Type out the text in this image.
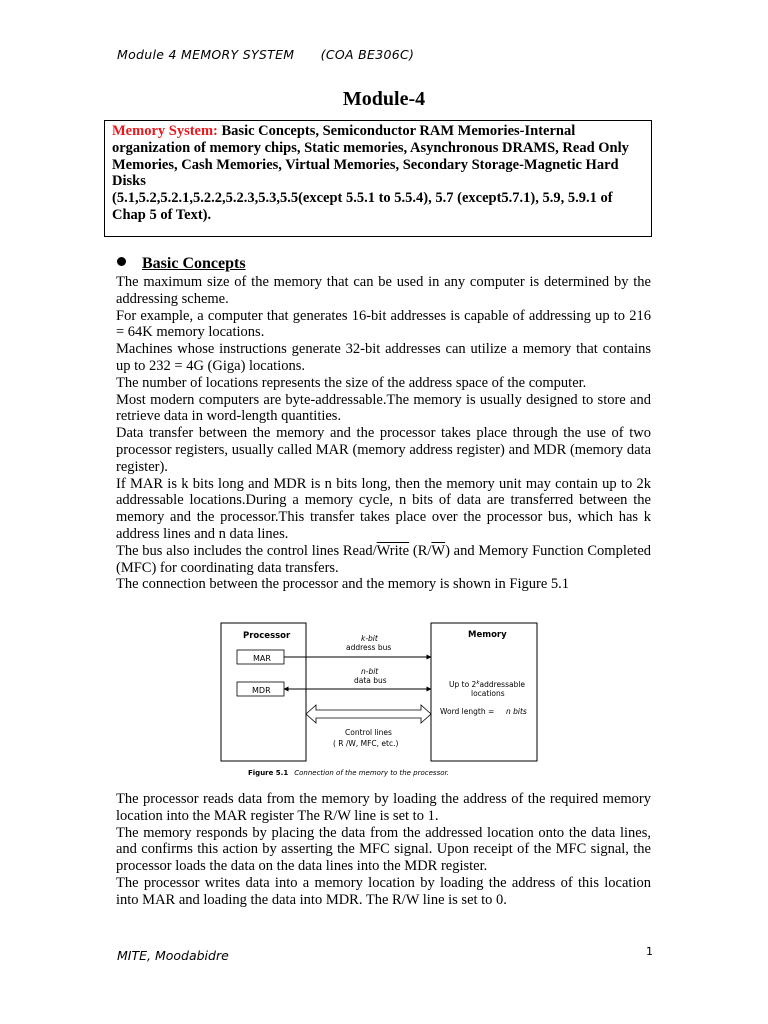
Module 4 MEMORY SYSTEM (COA BE306C)
Module-4
Memory System: Basic Concepts, Semiconductor RAM Memories-Internal organization of memory chips, Static memories, Asynchronous DRAMS, Read Only Memories, Cash Memories, Virtual Memories, Secondary Storage-Magnetic Hard Disks
(5.1,5.2,5.2.1,5.2.2,5.2.3,5.3,5.5(except 5.5.1 to 5.5.4), 5.7 (except5.7.1), 5.9, 5.9.1 of Chap 5 of Text).
Basic Concepts

The maximum size of the memory that can be used in any computer is determined by the addressing scheme.

For example, a computer that generates 16-bit addresses is capable of addressing up to 216 = 64K memory locations.

Machines whose instructions generate 32-bit addresses can utilize a memory that contains up to 232 = 4G (Giga) locations.

The number of locations represents the size of the address space of the computer.

Most modern computers are byte-addressable.The memory is usually designed to store and retrieve data in word-length quantities.

Data transfer between the memory and the processor takes place through the use of two processor registers, usually called MAR (memory address register) and MDR (memory data register).

If MAR is k bits long and MDR is n bits long, then the memory unit may contain up to 2k addressable locations.During a memory cycle, n bits of data are transferred between the memory and the processor.This transfer takes place over the processor bus, which has k address lines and n data lines.

The bus also includes the control lines Read/Write $(R/\overline{W})$ and Memory Function Completed (MFC) for coordinating data transfers.

The connection between the processor and the memory is shown in Figure 5.1

Processor
MAR
MDR
Memory
k-bit
address bus
n-bit
data bus	Up to 2$^k$addressable
locations
Word length = n bits
Control lines
( R /W, MFC, etc.)
Figure 5.1 Connection of the memory to the processor.

The processor reads data from the memory by loading the address of the required memory location into the MAR register The R/W line is set to 1.

The memory responds by placing the data from the addressed location onto the data lines, and confirms this action by asserting the MFC signal. Upon receipt of the MFC signal, the processor loads the data on the data lines into the MDR register.

The processor writes data into a memory location by loading the address of this location into MAR and loading the data into MDR. The R/W line is set to 0.

MITE, Moodabidre	1
